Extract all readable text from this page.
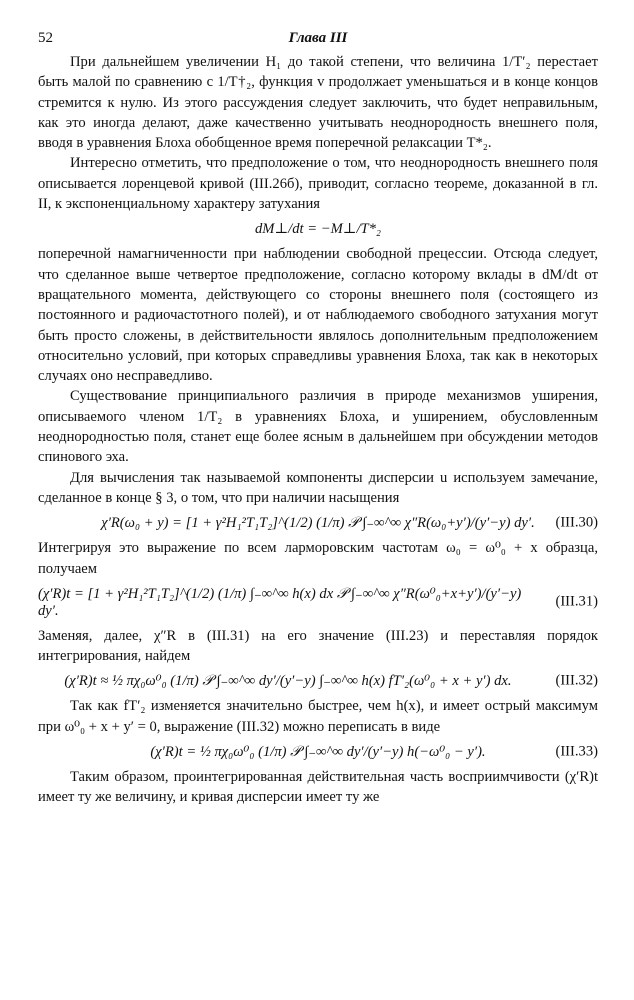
52	Глава III

При дальнейшем увеличении H₁ до такой степени, что величина 1/T′₂ перестает быть малой по сравнению с 1/T†₂, функция v продолжает уменьшаться и в конце концов стремится к нулю. Из этого рассуждения следует заключить, что будет неправильным, как это иногда делают, даже качественно учитывать неоднородность внешнего поля, вводя в уравнения Блоха обобщенное время поперечной релаксации T*₂.

Интересно отметить, что предположение о том, что неоднородность внешнего поля описывается лоренцевой кривой (III.26б), приводит, согласно теореме, доказанной в гл. II, к экспоненциальному характеру затухания

dM⊥/dt = −M⊥/T*₂

поперечной намагниченности при наблюдении свободной прецессии. Отсюда следует, что сделанное выше четвертое предположение, согласно которому вклады в dM/dt от вращательного момента, действующего со стороны внешнего поля (состоящего из постоянного и радиочастотного полей), и от наблюдаемого свободного затухания могут быть просто сложены, в действительности являлось дополнительным предположением относительно условий, при которых справедливы уравнения Блоха, так как в некоторых случаях оно несправедливо.

Существование принципиального различия в природе механизмов уширения, описываемого членом 1/T₂ в уравнениях Блоха, и уширением, обусловленным неоднородностью поля, станет еще более ясным в дальнейшем при обсуждении методов спинового эха.

Для вычисления так называемой компоненты дисперсии u используем замечание, сделанное в конце § 3, о том, что при наличии насыщения

χ′R(ω₀ + y) = [1 + γ²H₁²T₁T₂]^(1/2) (1/π) 𝒫 ∫₋∞^∞ χ″R(ω₀+y′)/(y′−y) dy′.	(III.30)

Интегрируя это выражение по всем ларморовским частотам ω₀ = ω⁰₀ + x образца, получаем

(χ′R)t = [1 + γ²H₁²T₁T₂]^(1/2) (1/π) ∫₋∞^∞ h(x) dx 𝒫 ∫₋∞^∞ χ″R(ω⁰₀+x+y′)/(y′−y) dy′.
(III.31)

Заменяя, далее, χ″R в (III.31) на его значение (III.23) и переставляя порядок интегрирования, найдем

(χ′R)t ≈ ½ πχ₀ω⁰₀ (1/π) 𝒫 ∫₋∞^∞ dy′/(y′−y) ∫₋∞^∞ h(x) fT′₂(ω⁰₀ + x + y′) dx.	(III.32)

Так как fT′₂ изменяется значительно быстрее, чем h(x), и имеет острый максимум при ω⁰₀ + x + y′ = 0, выражение (III.32) можно переписать в виде

(χ′R)t = ½ πχ₀ω⁰₀ (1/π) 𝒫 ∫₋∞^∞ dy′/(y′−y) h(−ω⁰₀ − y′).	(III.33)

Таким образом, проинтегрированная действительная часть восприимчивости (χ′R)t имеет ту же величину, и кривая дисперсии имеет ту же
